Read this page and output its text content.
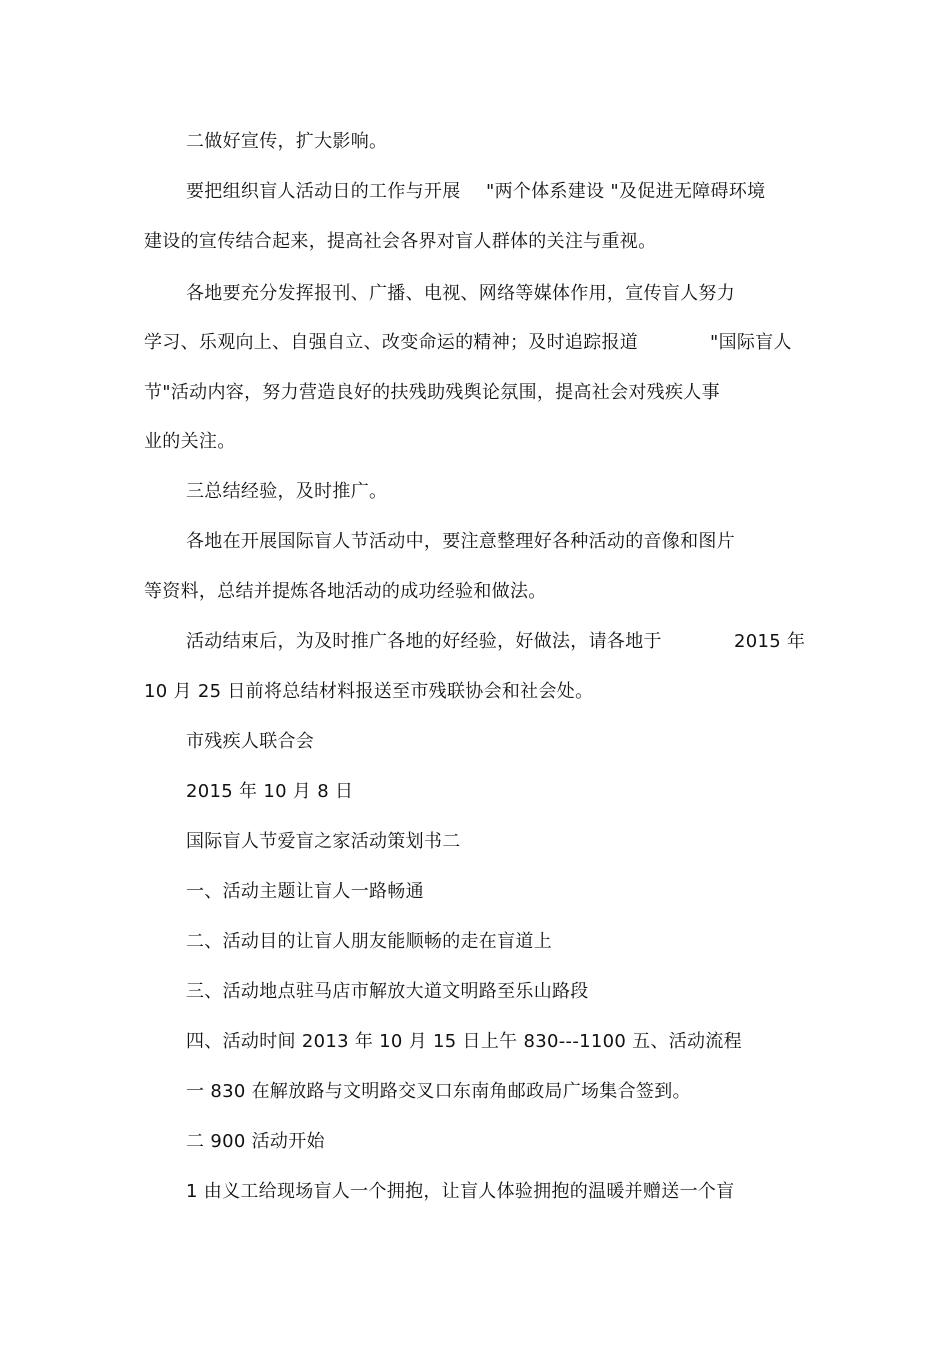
二做好宣传，扩大影响。
要把组织盲人活动日的工作与开展 "两个体系建设 "及促进无障碍环境
建设的宣传结合起来，提高社会各界对盲人群体的关注与重视。
各地要充分发挥报刊、广播、电视、网络等媒体作用，宣传盲人努力
学习、乐观向上、自强自立、改变命运的精神；及时追踪报道	"国际盲人
节"活动内容，努力营造良好的扶残助残舆论氛围，提高社会对残疾人事
业的关注。
三总结经验，及时推广。
各地在开展国际盲人节活动中，要注意整理好各种活动的音像和图片
等资料，总结并提炼各地活动的成功经验和做法。
活动结束后，为及时推广各地的好经验，好做法，请各地于	2015 年
10 月 25 日前将总结材料报送至市残联协会和社会处。
市残疾人联合会
2015 年 10 月 8 日
国际盲人节爱盲之家活动策划书二
一、活动主题让盲人一路畅通
二、活动目的让盲人朋友能顺畅的走在盲道上
三、活动地点驻马店市解放大道文明路至乐山路段
四、活动时间 2013 年 10 月 15 日上午 830---1100 五、活动流程
一 830 在解放路与文明路交叉口东南角邮政局广场集合签到。
二 900 活动开始
1 由义工给现场盲人一个拥抱，让盲人体验拥抱的温暖并赠送一个盲
